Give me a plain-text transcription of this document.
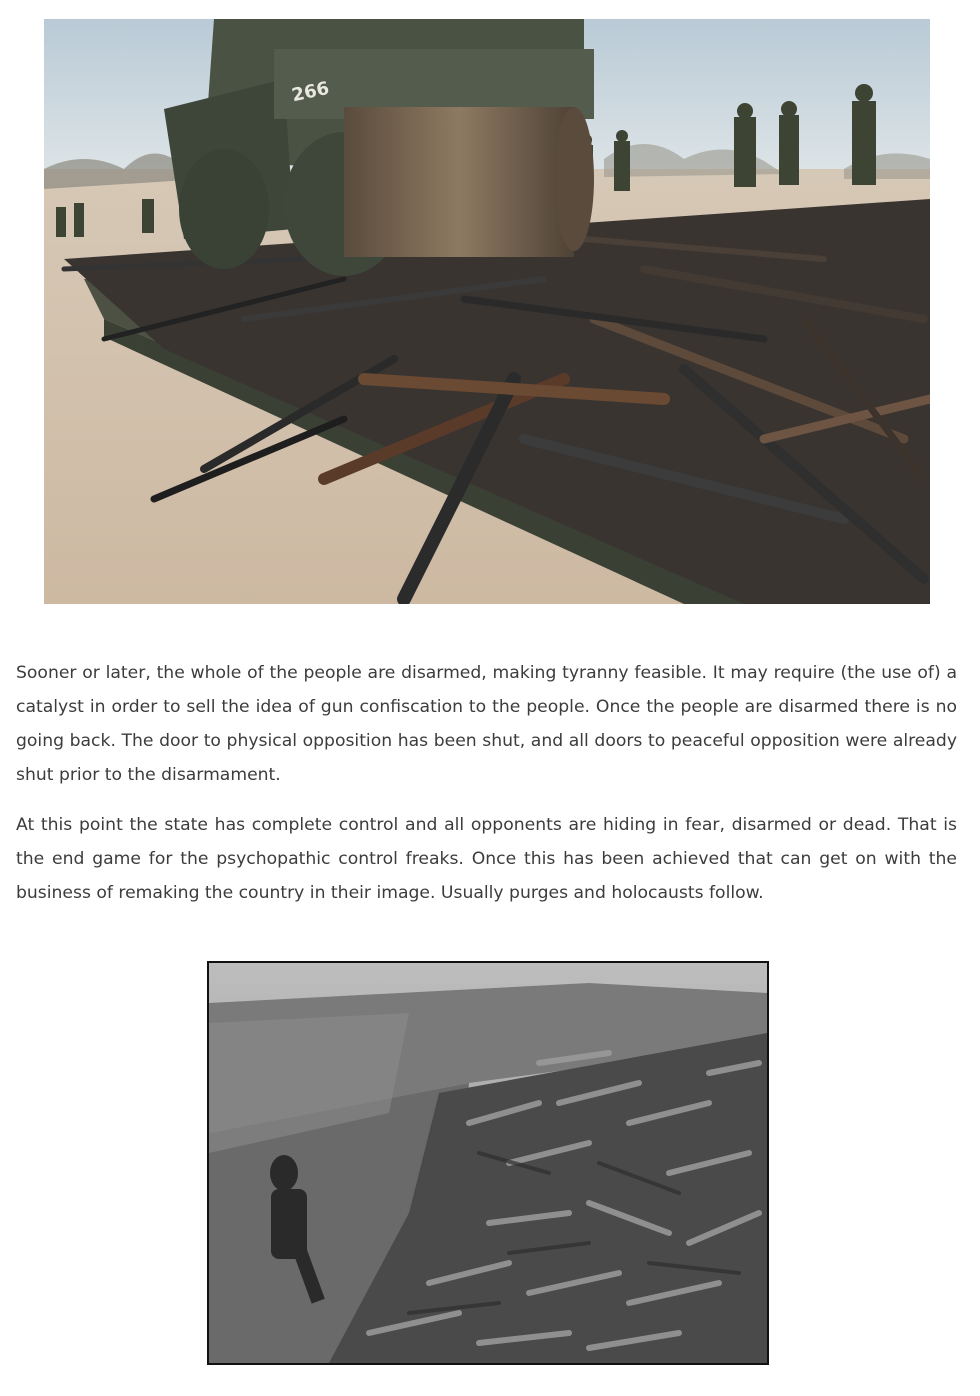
266

Sooner or later, the whole of the people are disarmed, making tyranny feasible. It may require (the use of) a catalyst in order to sell the idea of gun confiscation to the people. Once the people are disarmed there is no going back. The door to physical opposition has been shut, and all doors to peaceful opposition were already shut prior to the disarmament.

At this point the state has complete control and all opponents are hiding in fear, disarmed or dead. That is the end game for the psychopathic control freaks. Once this has been achieved that can get on with the business of remaking the country in their image. Usually purges and holocausts follow.
